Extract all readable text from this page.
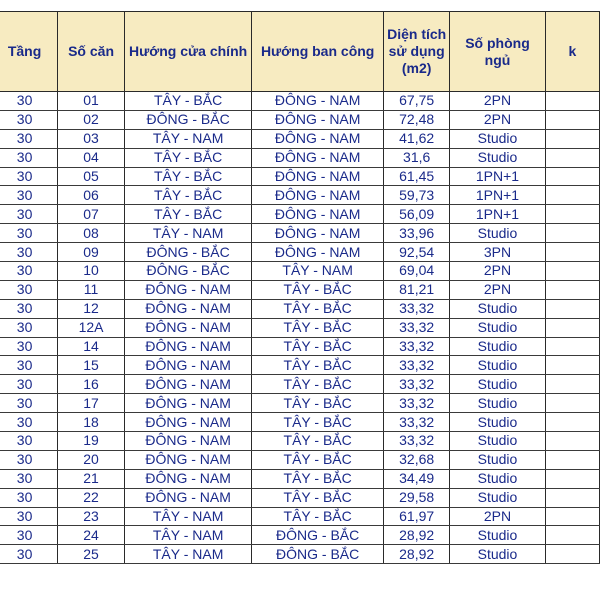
Tầng	Số căn	Hướng cửa chính	Hướng ban công	Diện tích sử dụng (m2)	Số phòng ngủ	k
30	01	TÂY - BẮC	ĐÔNG - NAM	67,75	2PN	
30	02	ĐÔNG - BẮC	ĐÔNG - NAM	72,48	2PN	
30	03	TÂY - NAM	ĐÔNG - NAM	41,62	Studio	
30	04	TÂY - BẮC	ĐÔNG - NAM	31,6	Studio	
30	05	TÂY - BẮC	ĐÔNG - NAM	61,45	1PN+1	
30	06	TÂY - BẮC	ĐÔNG - NAM	59,73	1PN+1	
30	07	TÂY - BẮC	ĐÔNG - NAM	56,09	1PN+1	
30	08	TÂY - NAM	ĐÔNG - NAM	33,96	Studio	
30	09	ĐÔNG - BẮC	ĐÔNG - NAM	92,54	3PN	
30	10	ĐÔNG - BẮC	TÂY - NAM	69,04	2PN	
30	11	ĐÔNG - NAM	TÂY - BẮC	81,21	2PN	
30	12	ĐÔNG - NAM	TÂY - BẮC	33,32	Studio	
30	12A	ĐÔNG - NAM	TÂY - BẮC	33,32	Studio	
30	14	ĐÔNG - NAM	TÂY - BẮC	33,32	Studio	
30	15	ĐÔNG - NAM	TÂY - BẮC	33,32	Studio	
30	16	ĐÔNG - NAM	TÂY - BẮC	33,32	Studio	
30	17	ĐÔNG - NAM	TÂY - BẮC	33,32	Studio	
30	18	ĐÔNG - NAM	TÂY - BẮC	33,32	Studio	
30	19	ĐÔNG - NAM	TÂY - BẮC	33,32	Studio	
30	20	ĐÔNG - NAM	TÂY - BẮC	32,68	Studio	
30	21	ĐÔNG - NAM	TÂY - BẮC	34,49	Studio	
30	22	ĐÔNG - NAM	TÂY - BẮC	29,58	Studio	
30	23	TÂY - NAM	TÂY - BẮC	61,97	2PN	
30	24	TÂY - NAM	ĐÔNG - BẮC	28,92	Studio	
30	25	TÂY - NAM	ĐÔNG - BẮC	28,92	Studio	
